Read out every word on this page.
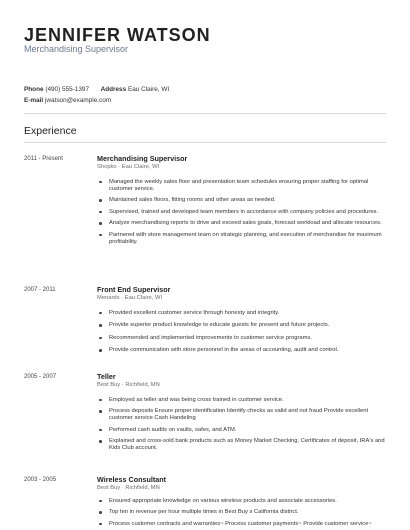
JENNIFER WATSON
Merchandising Supervisor
Phone (490) 555-1397 Address Eau Claire, WI
E-mail jwatson@example.com
Experience
2011 - Present	Merchandising Supervisor
Shopko · Eau Claire, WI
Managed the weekly sales floor and presentation team schedules ensuring proper staffing for optimal customer service.
Maintained sales floors, fitting rooms and other areas as needed.
Supervised, trained and developed team members in accordance with company policies and procedures.
Analyze merchandising reports to drive and exceed sales goals, forecast workload and allocate resources.
Partnered with store management team on strategic planning, and execution of merchandise for maximum profitability.
2007 - 2011	Front End Supervisor
Menards · Eau Claire, WI
Provided excellent customer service through honesty and integrity.
Provide superior product knowledge to educate guests for present and future projects.
Recommended and implemented improvements to customer service programs.
Provide communication with store personnel in the areas of accounting, audit and control.
2005 - 2007	Teller
Best Buy · Richfield, MN
Employed as teller and was being cross trained in customer service.
Process deposits Ensure proper identification Identify checks as valid and not fraud Provide excellent customer service Cash Handeling
Performed cash audits on vaults, safes, and ATM.
Explained and cross-sold bank products such as Money Market Checking, Certificates of deposit, IRA's and Kids Club account.
2003 - 2005	Wireless Consultant
Best Buy · Richfield, MN
Ensured appropriate knowledge on various wireless products and associate accessories.
Top ten in revenue per hour multiple times in Best Buy s California district.
Process customer contracts and warranties~ Process customer payments~ Provide customer service~
